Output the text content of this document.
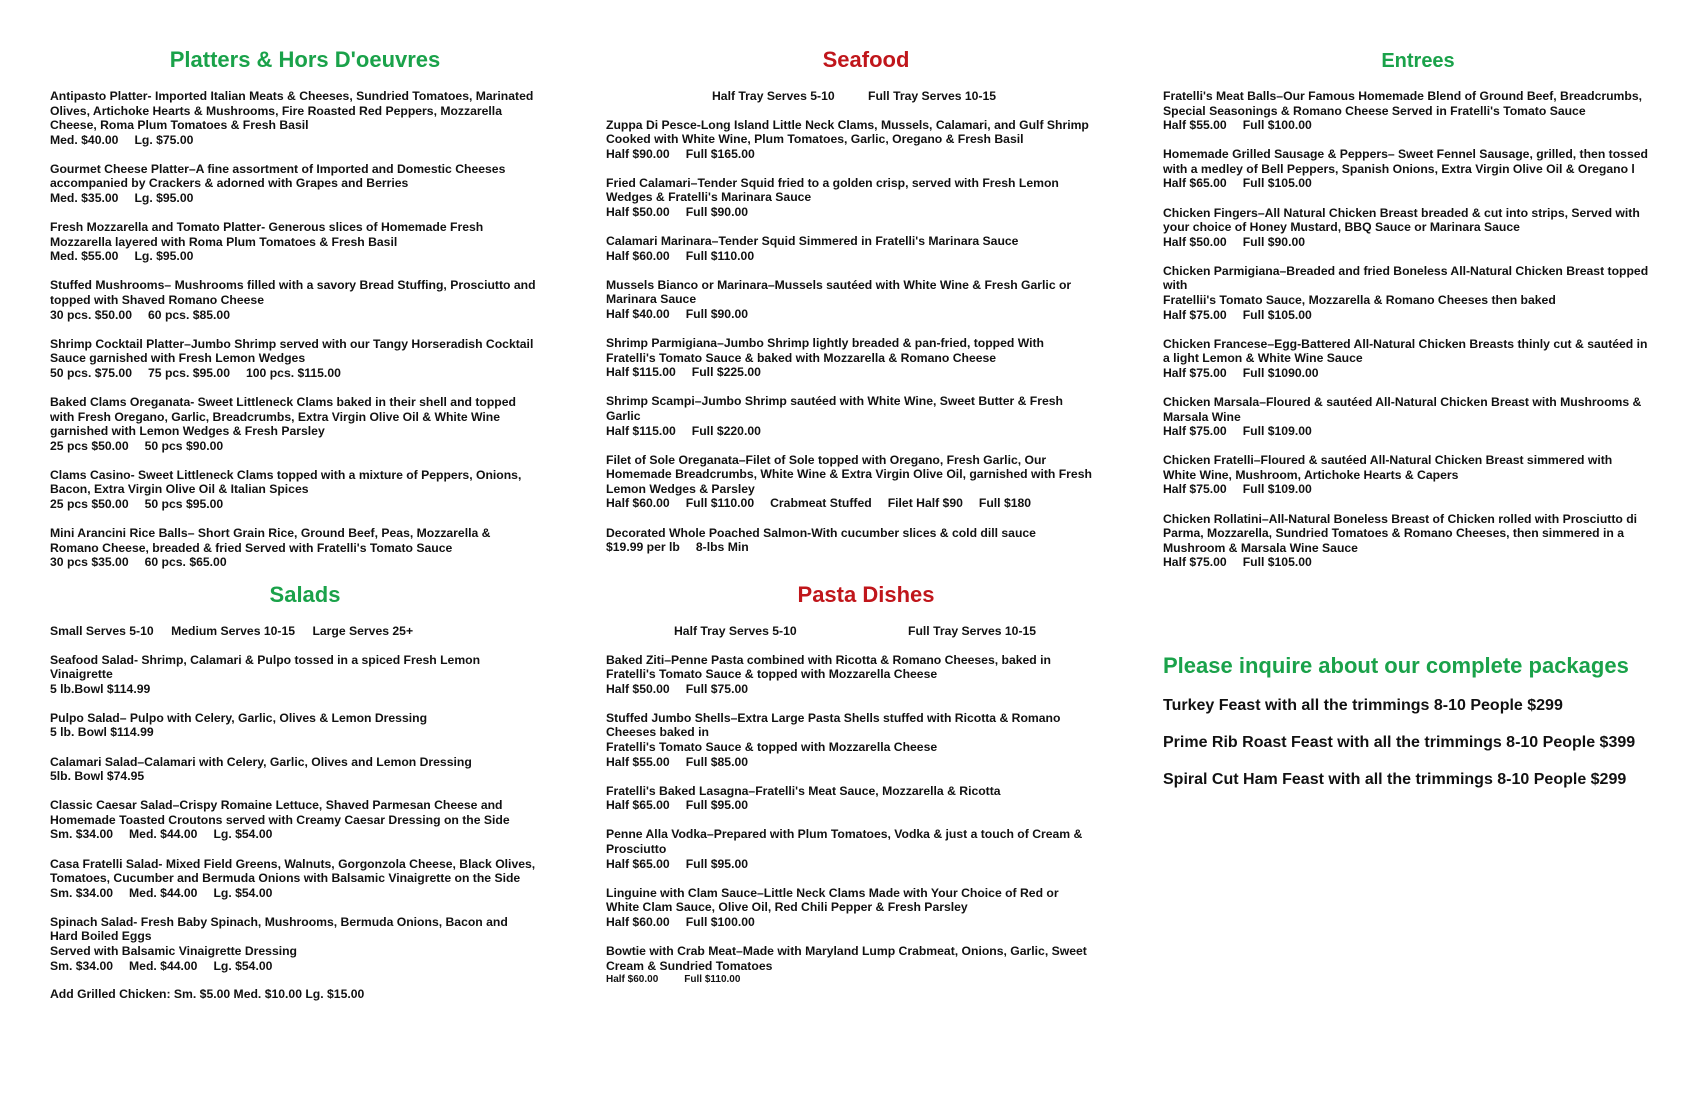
Platters & Hors D'oeuvres
Antipasto Platter- Imported Italian Meats & Cheeses, Sundried Tomatoes, Marinated
Olives, Artichoke Hearts & Mushrooms, Fire Roasted Red Peppers, Mozzarella
Cheese, Roma Plum Tomatoes & Fresh Basil
Med. $40.00 Lg. $75.00
Gourmet Cheese Platter–A fine assortment of Imported and Domestic Cheeses
accompanied by Crackers & adorned with Grapes and Berries
Med. $35.00 Lg. $95.00
Fresh Mozzarella and Tomato Platter- Generous slices of Homemade Fresh
Mozzarella layered with Roma Plum Tomatoes & Fresh Basil
Med. $55.00 Lg. $95.00
Stuffed Mushrooms– Mushrooms filled with a savory Bread Stuffing, Prosciutto and
topped with Shaved Romano Cheese
30 pcs. $50.00 60 pcs. $85.00
Shrimp Cocktail Platter–Jumbo Shrimp served with our Tangy Horseradish Cocktail
Sauce garnished with Fresh Lemon Wedges
50 pcs. $75.00 75 pcs. $95.00 100 pcs. $115.00
Baked Clams Oreganata- Sweet Littleneck Clams baked in their shell and topped
with Fresh Oregano, Garlic, Breadcrumbs, Extra Virgin Olive Oil & White Wine
garnished with Lemon Wedges & Fresh Parsley
25 pcs $50.00 50 pcs $90.00
Clams Casino- Sweet Littleneck Clams topped with a mixture of Peppers, Onions,
Bacon, Extra Virgin Olive Oil & Italian Spices
25 pcs $50.00 50 pcs $95.00
Mini Arancini Rice Balls– Short Grain Rice, Ground Beef, Peas, Mozzarella &
Romano Cheese, breaded & fried Served with Fratelli's Tomato Sauce
30 pcs $35.00 60 pcs. $65.00
Salads
Small Serves 5-10 Medium Serves 10-15 Large Serves 25+
Seafood Salad- Shrimp, Calamari & Pulpo tossed in a spiced Fresh Lemon
Vinaigrette
5 lb.Bowl $114.99
Pulpo Salad– Pulpo with Celery, Garlic, Olives & Lemon Dressing
5 lb. Bowl $114.99
Calamari Salad–Calamari with Celery, Garlic, Olives and Lemon Dressing
5lb. Bowl $74.95
Classic Caesar Salad–Crispy Romaine Lettuce, Shaved Parmesan Cheese and
Homemade Toasted Croutons served with Creamy Caesar Dressing on the Side
Sm. $34.00 Med. $44.00 Lg. $54.00
Casa Fratelli Salad- Mixed Field Greens, Walnuts, Gorgonzola Cheese, Black Olives,
Tomatoes, Cucumber and Bermuda Onions with Balsamic Vinaigrette on the Side
Sm. $34.00 Med. $44.00 Lg. $54.00
Spinach Salad- Fresh Baby Spinach, Mushrooms, Bermuda Onions, Bacon and
Hard Boiled Eggs
Served with Balsamic Vinaigrette Dressing
Sm. $34.00 Med. $44.00 Lg. $54.00

Add Grilled Chicken: Sm. $5.00 Med. $10.00 Lg. $15.00

Seafood
Half Tray Serves 5-10	Full Tray Serves 10-15
Zuppa Di Pesce-Long Island Little Neck Clams, Mussels, Calamari, and Gulf Shrimp
Cooked with White Wine, Plum Tomatoes, Garlic, Oregano & Fresh Basil
Half $90.00 Full $165.00
Fried Calamari–Tender Squid fried to a golden crisp, served with Fresh Lemon
Wedges & Fratelli's Marinara Sauce
Half $50.00 Full $90.00
Calamari Marinara–Tender Squid Simmered in Fratelli's Marinara Sauce
Half $60.00 Full $110.00
Mussels Bianco or Marinara–Mussels sautéed with White Wine & Fresh Garlic or
Marinara Sauce
Half $40.00 Full $90.00
Shrimp Parmigiana–Jumbo Shrimp lightly breaded & pan-fried, topped With
Fratelli's Tomato Sauce & baked with Mozzarella & Romano Cheese
Half $115.00 Full $225.00
Shrimp Scampi–Jumbo Shrimp sautéed with White Wine, Sweet Butter & Fresh
Garlic
Half $115.00 Full $220.00
Filet of Sole Oreganata–Filet of Sole topped with Oregano, Fresh Garlic, Our
Homemade Breadcrumbs, White Wine & Extra Virgin Olive Oil, garnished with Fresh
Lemon Wedges & Parsley
Half $60.00 Full $110.00 Crabmeat Stuffed Filet Half $90 Full $180
Decorated Whole Poached Salmon-With cucumber slices & cold dill sauce
$19.99 per lb 8-lbs Min
Pasta Dishes
Half Tray Serves 5-10	Full Tray Serves 10-15
Baked Ziti–Penne Pasta combined with Ricotta & Romano Cheeses, baked in
Fratelli's Tomato Sauce & topped with Mozzarella Cheese
Half $50.00 Full $75.00
Stuffed Jumbo Shells–Extra Large Pasta Shells stuffed with Ricotta & Romano
Cheeses baked in
Fratelli's Tomato Sauce & topped with Mozzarella Cheese
Half $55.00 Full $85.00
Fratelli's Baked Lasagna–Fratelli's Meat Sauce, Mozzarella & Ricotta
Half $65.00 Full $95.00
Penne Alla Vodka–Prepared with Plum Tomatoes, Vodka & just a touch of Cream &
Prosciutto
Half $65.00 Full $95.00
Linguine with Clam Sauce–Little Neck Clams Made with Your Choice of Red or
White Clam Sauce, Olive Oil, Red Chili Pepper & Fresh Parsley
Half $60.00 Full $100.00
Bowtie with Crab Meat–Made with Maryland Lump Crabmeat, Onions, Garlic, Sweet
Cream & Sundried Tomatoes
Half $60.00	Full $110.00
Entrees
Fratelli's Meat Balls–Our Famous Homemade Blend of Ground Beef, Breadcrumbs,
Special Seasonings & Romano Cheese Served in Fratelli's Tomato Sauce
Half $55.00 Full $100.00
Homemade Grilled Sausage & Peppers– Sweet Fennel Sausage, grilled, then tossed
with a medley of Bell Peppers, Spanish Onions, Extra Virgin Olive Oil & Oregano l
Half $65.00 Full $105.00
Chicken Fingers–All Natural Chicken Breast breaded & cut into strips, Served with
your choice of Honey Mustard, BBQ Sauce or Marinara Sauce
Half $50.00 Full $90.00
Chicken Parmigiana–Breaded and fried Boneless All-Natural Chicken Breast topped
with
Fratellii's Tomato Sauce, Mozzarella & Romano Cheeses then baked
Half $75.00 Full $105.00
Chicken Francese–Egg-Battered All-Natural Chicken Breasts thinly cut & sautéed in
a light Lemon & White Wine Sauce
Half $75.00 Full $1090.00
Chicken Marsala–Floured & sautéed All-Natural Chicken Breast with Mushrooms &
Marsala Wine
Half $75.00 Full $109.00
Chicken Fratelli–Floured & sautéed All-Natural Chicken Breast simmered with
White Wine, Mushroom, Artichoke Hearts & Capers
Half $75.00 Full $109.00
Chicken Rollatini–All-Natural Boneless Breast of Chicken rolled with Prosciutto di
Parma, Mozzarella, Sundried Tomatoes & Romano Cheeses, then simmered in a
Mushroom & Marsala Wine Sauce
Half $75.00 Full $105.00

Please inquire about our complete packages

Turkey Feast with all the trimmings 8-10 People $299

Prime Rib Roast Feast with all the trimmings 8-10 People $399

Spiral Cut Ham Feast with all the trimmings 8-10 People $299
